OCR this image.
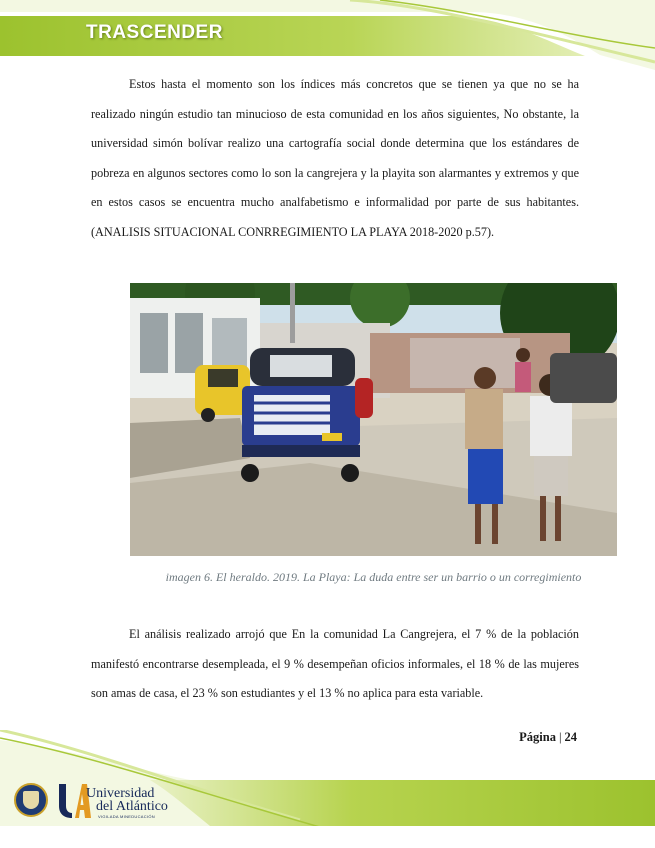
TRASCENDER

Estos hasta el momento son los índices más concretos que se tienen ya que no se ha realizado ningún estudio tan minucioso de esta comunidad en los años siguientes, No obstante, la universidad simón bolívar realizo una cartografía social donde determina que los estándares de pobreza en algunos sectores como lo son la cangrejera y la playita son alarmantes y extremos y que en estos casos se encuentra mucho analfabetismo e informalidad por parte de sus habitantes. (ANALISIS SITUACIONAL CONRREGIMIENTO LA PLAYA 2018-2020 p.57).

imagen 6. El heraldo. 2019. La Playa: La duda entre ser un barrio o un corregimiento

El análisis realizado arrojó que En la comunidad La Cangrejera, el 7 % de la población manifestó encontrarse desempleada, el 9 % desempeñan oficios informales, el 18 % de las mujeres son amas de casa, el 23 % son estudiantes y el 13 % no aplica para esta variable.

Página | 24
Universidad
del Atlántico
VIGILADA MINEDUCACIÓN
